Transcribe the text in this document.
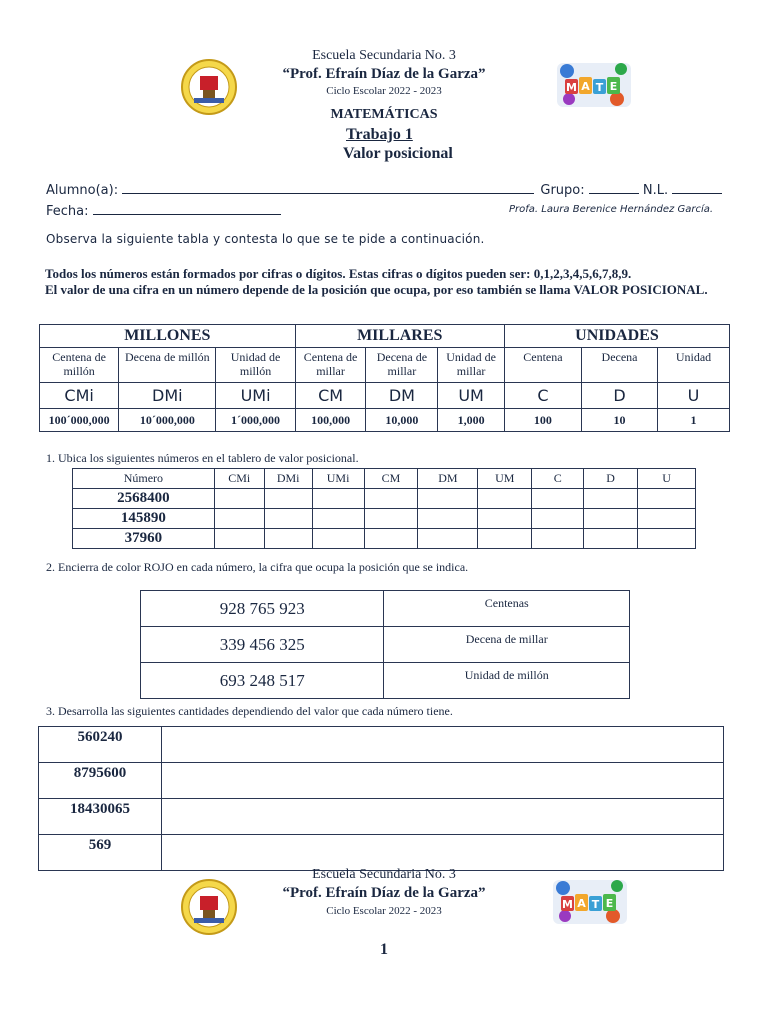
M A T E
Escuela Secundaria No. 3
“Prof. Efraín Díaz de la Garza”
Ciclo Escolar 2022 - 2023
MATEMÁTICAS
Trabajo 1
Valor posicional
Alumno(a):	Grupo:	N.L.
Fecha:	Profa. Laura Berenice Hernández García.
Observa la siguiente tabla y contesta lo que se te pide a continuación.
Todos los números están formados por cifras o dígitos. Estas cifras o dígitos pueden ser: 0,1,2,3,4,5,6,7,8,9.
El valor de una cifra en un número depende de la posición que ocupa, por eso también se llama VALOR POSICIONAL.
MILLONES			MILLARES			UNIDADES		
Centena de millón	Decena de millón	Unidad de millón	Centena de millar	Decena de millar	Unidad de millar	Centena	Decena	Unidad
CMi	DMi	UMi	CM	DM	UM	C	D	U
100´000,000	10´000,000	1´000,000	100,000	10,000	1,000	100	10	1
1. Ubica los siguientes números en el tablero de valor posicional.
Número	CMi	DMi	UMi	CM	DM	UM	C	D	U
2568400									
145890									
37960									
2. Encierra de color ROJO en cada número, la cifra que ocupa la posición que se indica.
928 765 923	Centenas
339 456 325	Decena de millar
693 248 517	Unidad de millón
3. Desarrolla las siguientes cantidades dependiendo del valor que cada número tiene.
560240	
8795600	
18430065	
569	
M A T E
Escuela Secundaria No. 3
“Prof. Efraín Díaz de la Garza”
Ciclo Escolar 2022 - 2023
1
